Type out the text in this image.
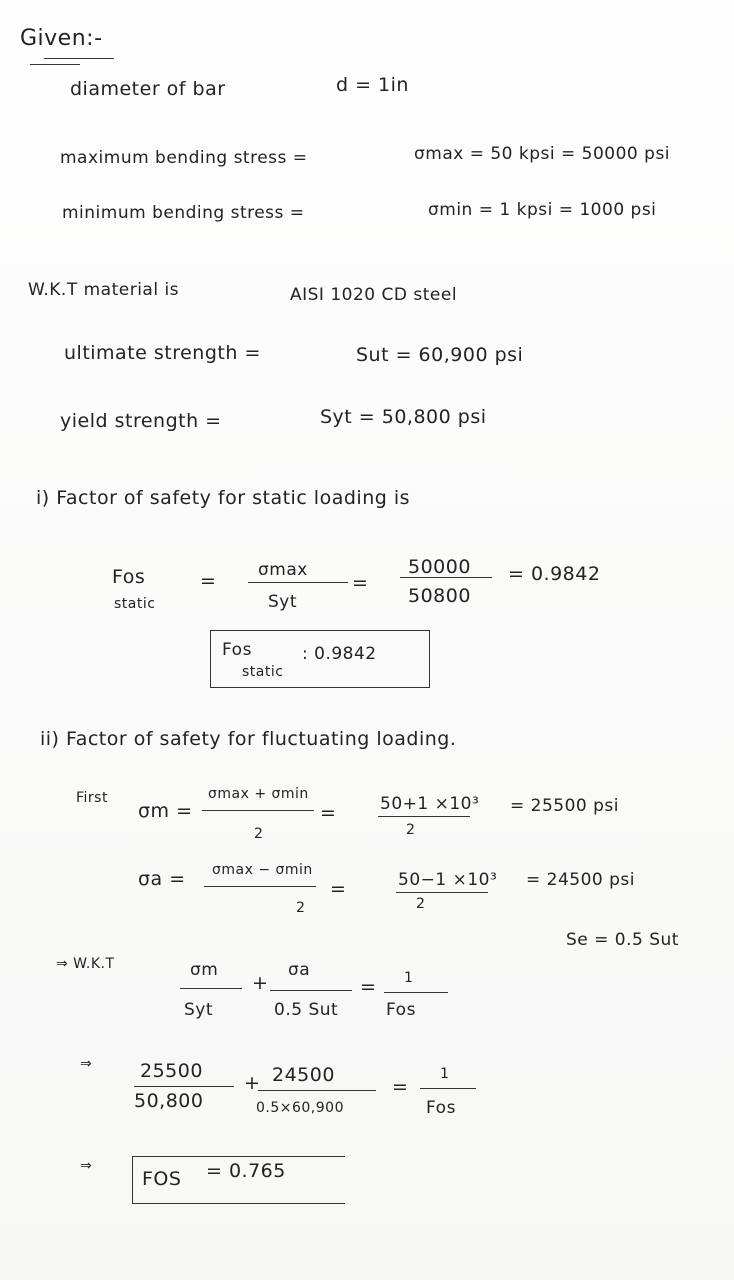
Given:-
diameter of bar	d = 1in
maximum bending stress =	σmax = 50 kpsi = 50000 psi
minimum bending stress =	σmin = 1 kpsi = 1000 psi
W.K.T material is	AISI 1020 CD steel
ultimate strength =	Sut = 60,900 psi
yield strength =	Syt = 50,800 psi
i) Factor of safety for static loading is
Fos
static
= σmax
Syt
=
50000
50800
= 0.9842
Fos
static
: 0.9842
ii) Factor of safety for fluctuating loading.
First
σm =
σmax + σmin
2
=	50+1 ×10³
2
= 25500 psi
σa = σmax − σmin
2
=	50−1 ×10³
2
= 24500 psi
Se = 0.5 Sut
⇒ W.K.T	σm
Syt
+
σa
0.5 Sut
= 1
Fos
⇒	25500
50,800
+ 24500
0.5×60,900
=
1
Fos
⇒
FOS = 0.765
